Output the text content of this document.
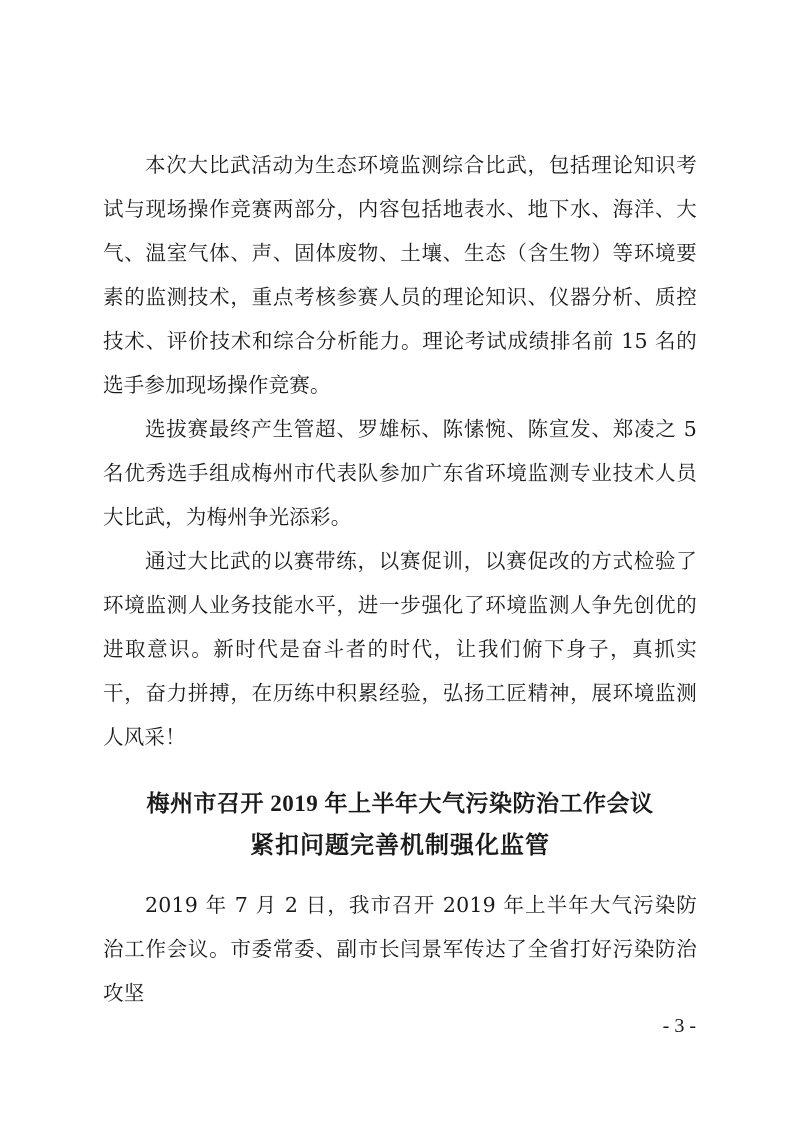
本次大比武活动为生态环境监测综合比武，包括理论知识考试与现场操作竞赛两部分，内容包括地表水、地下水、海洋、大气、温室气体、声、固体废物、土壤、生态（含生物）等环境要素的监测技术，重点考核参赛人员的理论知识、仪器分析、质控技术、评价技术和综合分析能力。理论考试成绩排名前 15 名的选手参加现场操作竞赛。

选拔赛最终产生管超、罗雄标、陈愫惋、陈宣发、郑凌之 5 名优秀选手组成梅州市代表队参加广东省环境监测专业技术人员大比武，为梅州争光添彩。

通过大比武的以赛带练，以赛促训，以赛促改的方式检验了环境监测人业务技能水平，进一步强化了环境监测人争先创优的进取意识。新时代是奋斗者的时代，让我们俯下身子，真抓实干，奋力拼搏，在历练中积累经验，弘扬工匠精神，展环境监测人风采！

梅州市召开 2019 年上半年大气污染防治工作会议
紧扣问题完善机制强化监管

2019 年 7 月 2 日，我市召开 2019 年上半年大气污染防治工作会议。市委常委、副市长闫景军传达了全省打好污染防治攻坚

- 3 -
